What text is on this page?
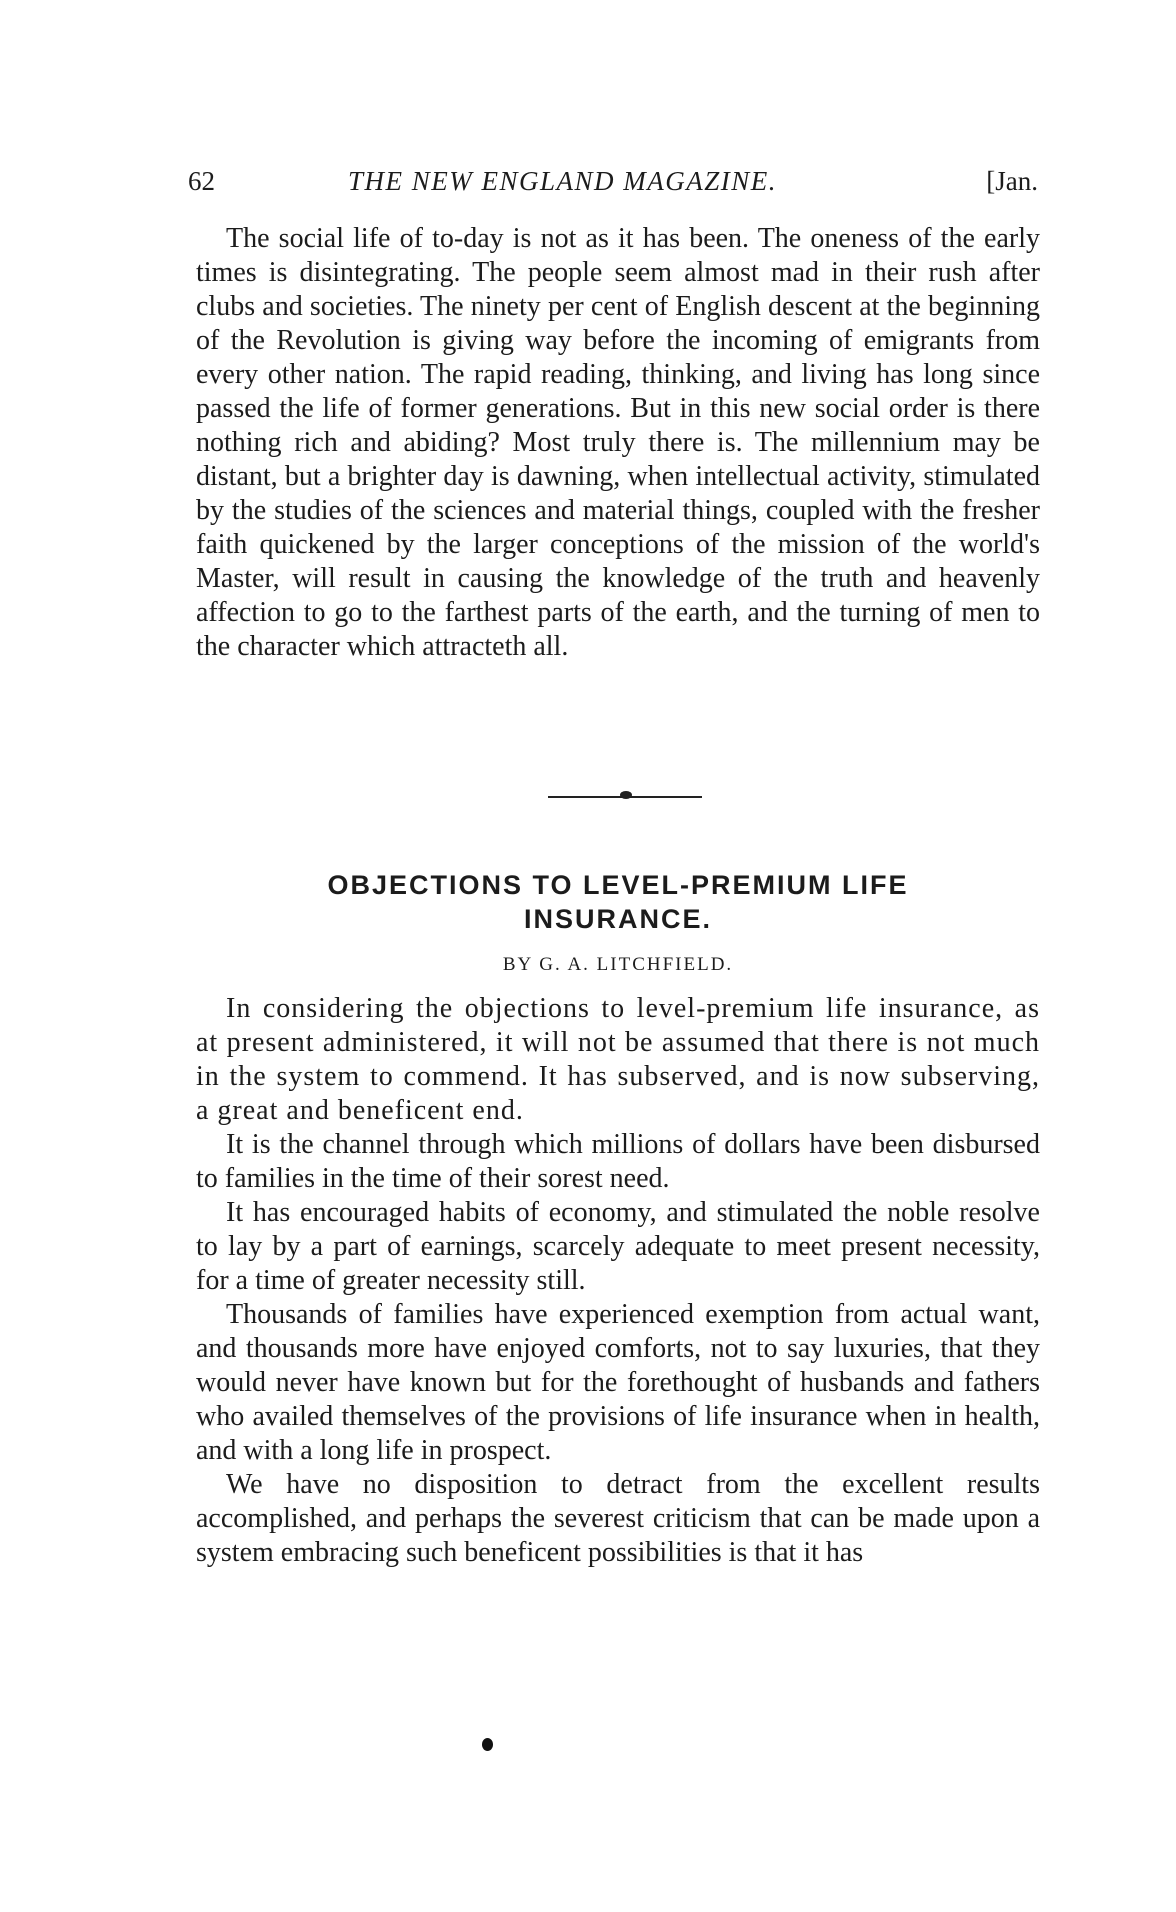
62	THE NEW ENGLAND MAGAZINE.	[Jan.

The social life of to-day is not as it has been. The oneness of the early times is disintegrating. The people seem almost mad in their rush after clubs and societies. The ninety per cent of English descent at the beginning of the Revolution is giving way before the incoming of emigrants from every other nation. The rapid reading, thinking, and living has long since passed the life of former generations. But in this new social order is there nothing rich and abiding? Most truly there is. The millennium may be distant, but a brighter day is dawning, when intellectual activity, stimulated by the studies of the sciences and material things, coupled with the fresher faith quickened by the larger conceptions of the mission of the world's Master, will result in causing the knowledge of the truth and heavenly affection to go to the farthest parts of the earth, and the turning of men to the character which attracteth all.

OBJECTIONS TO LEVEL-PREMIUM LIFE
INSURANCE.
BY G. A. LITCHFIELD.

In considering the objections to level-premium life insurance, as at present administered, it will not be assumed that there is not much in the system to commend. It has subserved, and is now subserving, a great and beneficent end.

It is the channel through which millions of dollars have been disbursed to families in the time of their sorest need.

It has encouraged habits of economy, and stimulated the noble resolve to lay by a part of earnings, scarcely adequate to meet present necessity, for a time of greater necessity still.

Thousands of families have experienced exemption from actual want, and thousands more have enjoyed comforts, not to say luxuries, that they would never have known but for the forethought of husbands and fathers who availed themselves of the provisions of life insurance when in health, and with a long life in prospect.

We have no disposition to detract from the excellent results accomplished, and perhaps the severest criticism that can be made upon a system embracing such beneficent possibilities is that it has
